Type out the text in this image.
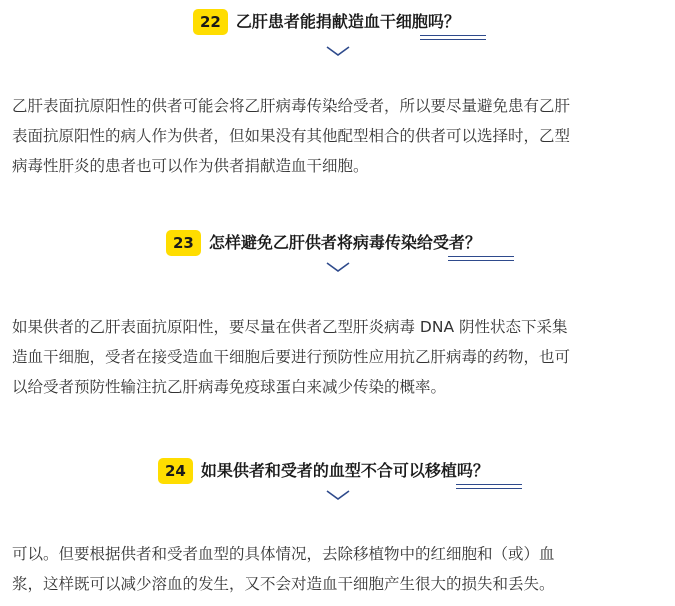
22 乙肝患者能捐献造血干细胞吗？
乙肝表面抗原阳性的供者可能会将乙肝病毒传染给受者，所以要尽量避免患有乙肝
表面抗原阳性的病人作为供者，但如果没有其他配型相合的供者可以选择时，乙型
病毒性肝炎的患者也可以作为供者捐献造血干细胞。
23 怎样避免乙肝供者将病毒传染给受者？
如果供者的乙肝表面抗原阳性，要尽量在供者乙型肝炎病毒 DNA 阴性状态下采集
造血干细胞，受者在接受造血干细胞后要进行预防性应用抗乙肝病毒的药物，也可
以给受者预防性输注抗乙肝病毒免疫球蛋白来减少传染的概率。
24 如果供者和受者的血型不合可以移植吗？
可以。但要根据供者和受者血型的具体情况，去除移植物中的红细胞和（或）血
浆，这样既可以减少溶血的发生，又不会对造血干细胞产生很大的损失和丢失。
